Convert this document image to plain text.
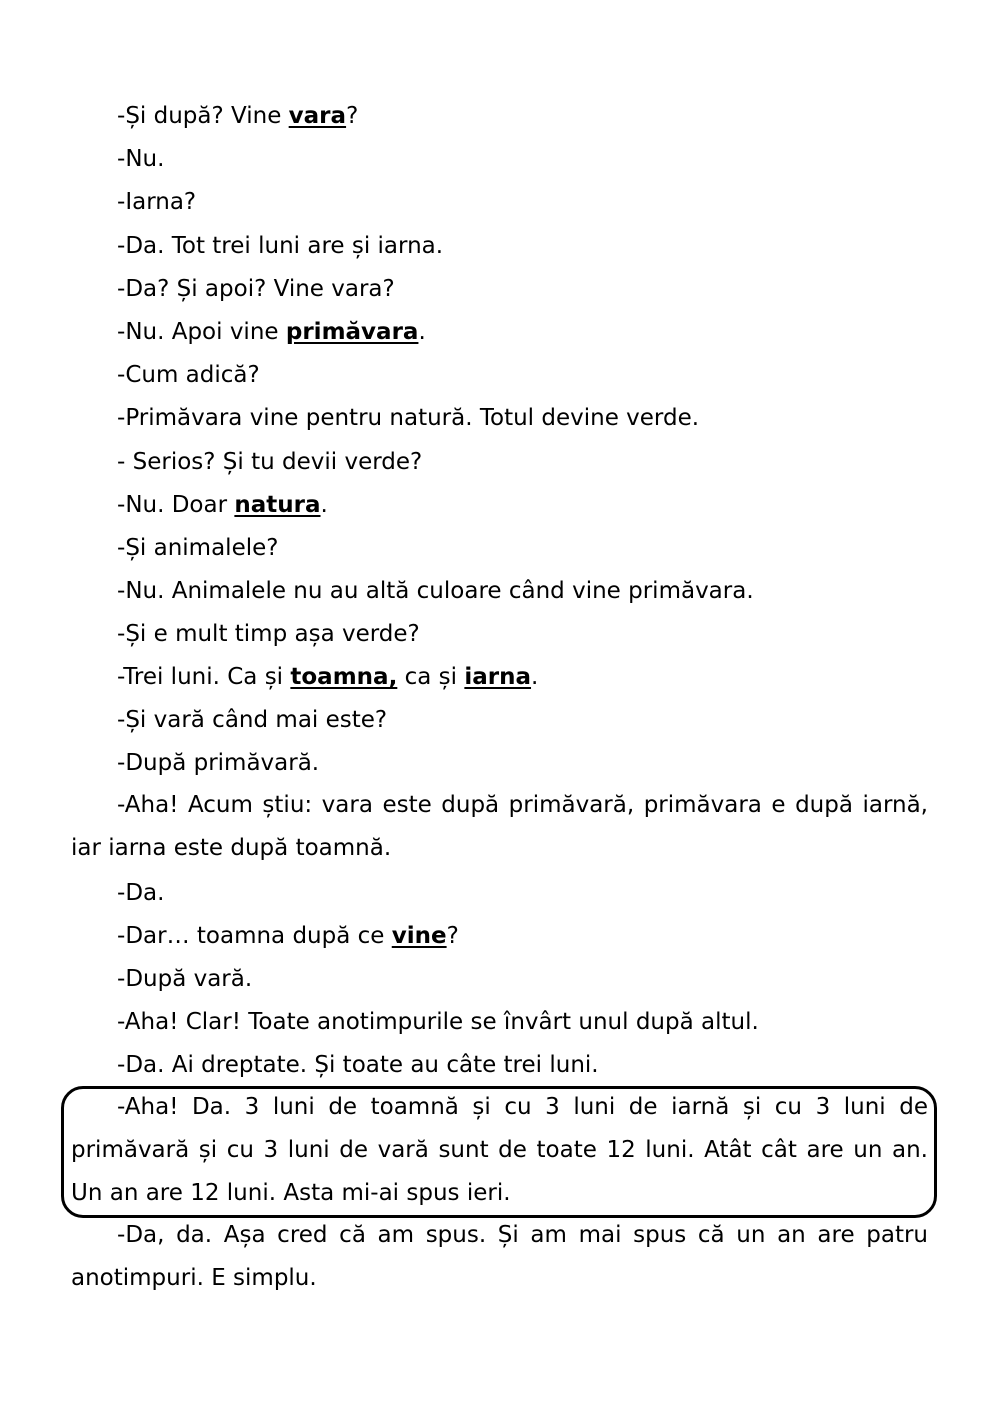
-Și după? Vine vara?
-Nu.
-Iarna?
-Da. Tot trei luni are și iarna.
-Da? Și apoi? Vine vara?
-Nu. Apoi vine primăvara.
-Cum adică?
-Primăvara vine pentru natură. Totul devine verde.
- Serios? Și tu devii verde?
-Nu. Doar natura.
-Și animalele?
-Nu. Animalele nu au altă culoare când vine primăvara.
-Și e mult timp așa verde?
-Trei luni. Ca și toamna, ca și iarna.
-Și vară când mai este?
-După primăvară.
-Aha! Acum știu: vara este după primăvară, primăvara e după iarnă, iar iarna este după toamnă.
-Da.
-Dar… toamna după ce vine?
-După vară.
-Aha! Clar! Toate anotimpurile se învârt unul după altul.
-Da. Ai dreptate. Și toate au câte trei luni.
-Aha! Da. 3 luni de toamnă și cu 3 luni de iarnă și cu 3 luni de primăvară și cu 3 luni de vară sunt de toate 12 luni. Atât cât are un an. Un an are 12 luni. Asta mi-ai spus ieri.
-Da, da. Așa cred că am spus. Și am mai spus că un an are patru anotimpuri. E simplu.
